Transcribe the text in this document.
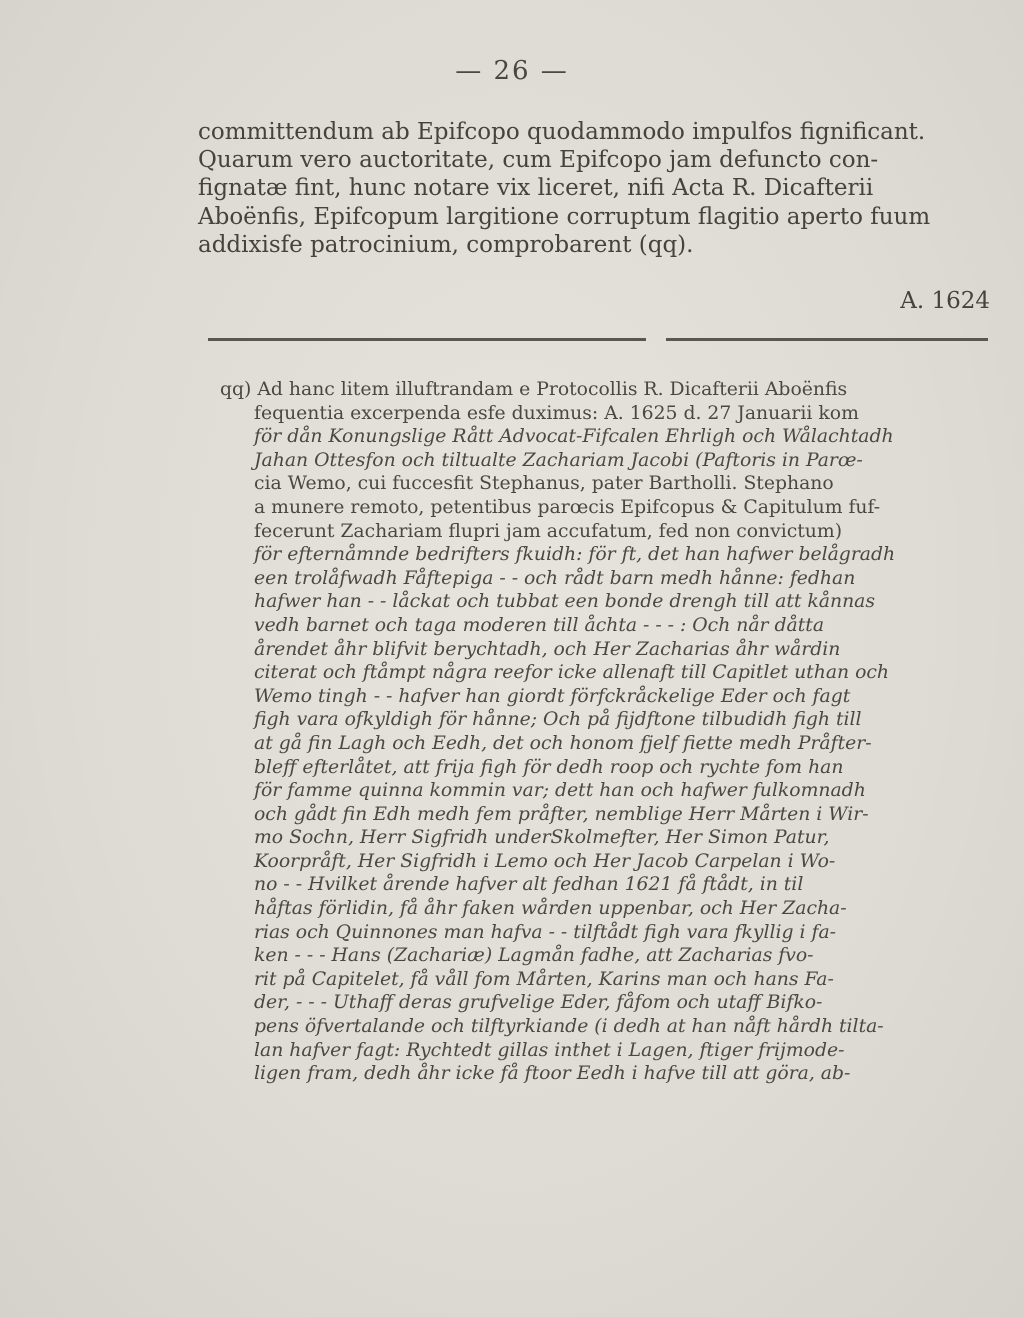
— 26 —
committendum ab Epifcopo quodammodo impulfos fignificant.
Quarum vero auctoritate, cum Epifcopo jam defuncto con-
fignatæ fint, hunc notare vix liceret, nifi Acta R. Dicafterii
Aboënfis, Epifcopum largitione corruptum flagitio aperto fuum
addixisfe patrocinium, comprobarent (qq).
A. 1624
qq) Ad hanc litem illuftrandam e Protocollis R. Dicafterii Aboënfis
fequentia excerpenda esfe duximus: A. 1625 d. 27 Januarii kom
för dån Konungslige Rått Advocat-Fifcalen Ehrligh och Wålachtadh
Jahan Ottesfon och tiltualte Zachariam Jacobi (Paftoris in Parœ-
cia Wemo, cui fuccesfit Stephanus, pater Bartholli. Stephano
a munere remoto, petentibus parœcis Epifcopus & Capitulum fuf-
fecerunt Zachariam flupri jam accufatum, fed non convictum)
för efternåmnde bedrifters fkuidh: för ft, det han hafwer belågradh
een trolåfwadh Fåftepiga - - och rådt barn medh hånne: fedhan
hafwer han - - låckat och tubbat een bonde drengh till att kånnas
vedh barnet och taga moderen till åchta - - - : Och når dåtta
årendet åhr blifvit berychtadh, och Her Zacharias åhr wårdin
citerat och ftåmpt några reefor icke allenaft till Capitlet uthan och
Wemo tingh - - hafver han giordt förfckråckelige Eder och fagt
figh vara ofkyldigh för hånne; Och på fijdftone tilbudidh figh till
at gå fin Lagh och Eedh, det och honom fjelf fiette medh Pråfter-
bleff efterlåtet, att frija figh för dedh roop och rychte fom han
för famme quinna kommin var; dett han och hafwer fulkomnadh
och gådt fin Edh medh fem pråfter, nemblige Herr Mårten i Wir-
mo Sochn, Herr Sigfridh underSkolmefter, Her Simon Patur,
Koorpråft, Her Sigfridh i Lemo och Her Jacob Carpelan i Wo-
no - - Hvilket årende hafver alt fedhan 1621 få ftådt, in til
håftas förlidin, få åhr faken wården uppenbar, och Her Zacha-
rias och Quinnones man hafva - - tilftådt figh vara fkyllig i fa-
ken - - - Hans (Zachariæ) Lagmån fadhe, att Zacharias fvo-
rit på Capitelet, få våll fom Mårten, Karins man och hans Fa-
der, - - - Uthaff deras grufvelige Eder, fåfom och utaff Bifko-
pens öfvertalande och tilftyrkiande (i dedh at han nåft hårdh tilta-
lan hafver fagt: Rychtedt gillas inthet i Lagen, ftiger frijmode-
ligen fram, dedh åhr icke få ftoor Eedh i hafve till att göra, ab-
